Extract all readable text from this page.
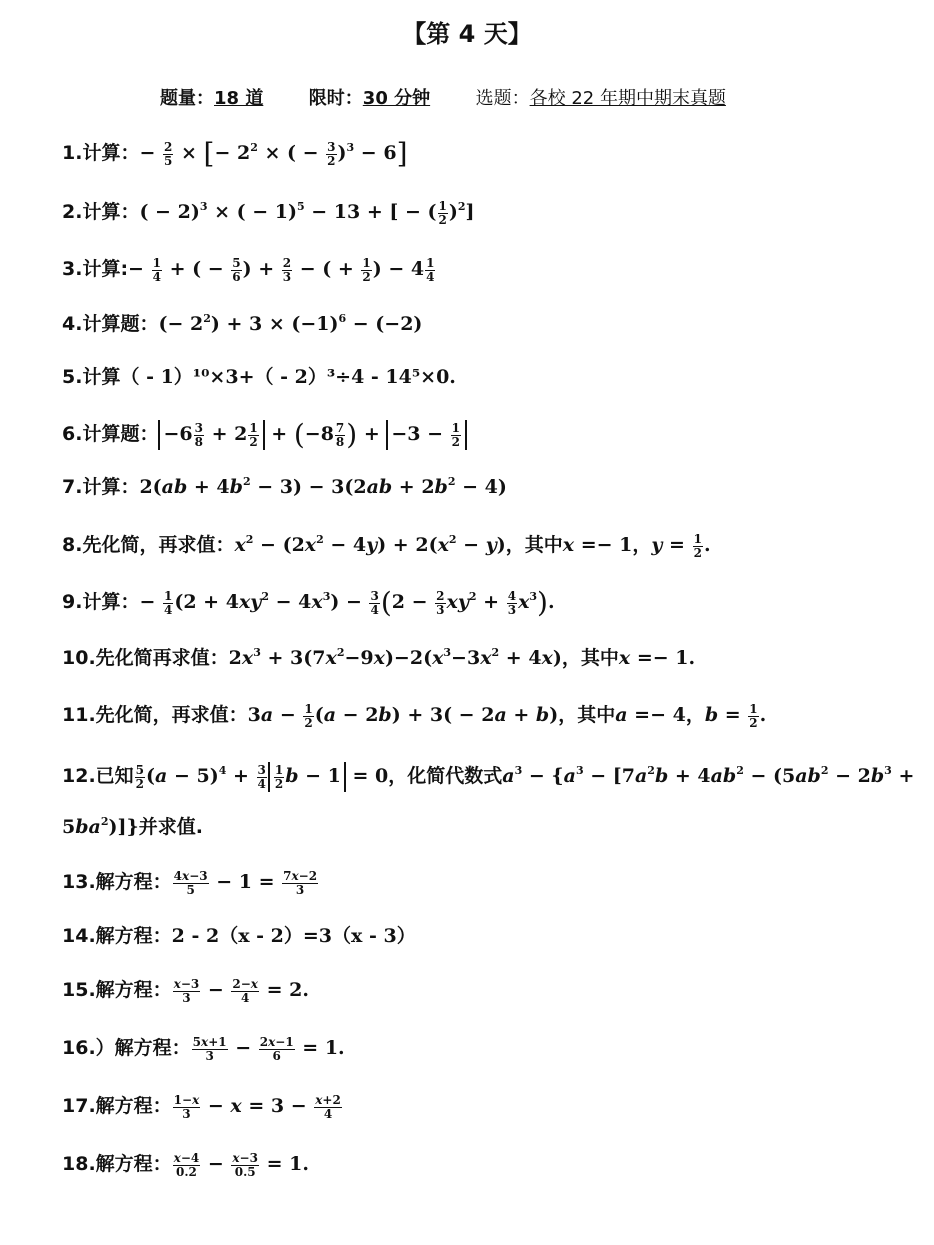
【第 4 天】
题量：18 道	限时：30 分钟	选题：各校 22 年期中期末真题
1.计算：− $\frac{2}{5}$ × [− $2^2$ × ( − $\frac{3}{2} )^3 - 6$]
2.计算：( − 2)$^3$ × ( − 1)$^5$ − 13 + [ − ( $\frac{1}{2} )^2$]
3.计算:− $\frac{1}{4}$ + ( − $\frac{5}{6}$ ) + $\frac{2}{3}$ − ( + $\frac{1}{2}$ ) − $4 \frac{1}{4}$
4.计算题：(− $2^2) + 3 \times (-1)^6 - (-2)$
5.计算（ - 1）¹⁰×3+（ - 2）³÷4 - 14⁵×0.
6.计算题： $-6 \frac{3}{8} + 2 \frac{1}{2} + (-8 \frac{7}{8}$ ) + $-3 - \frac{1}{2}$
7.计算：$2(ab + 4b^2 - 3) - 3(2ab + 2b^2 - 4)$
8.先化简，再求值：$x^2 - (2x^2 - 4y) + 2(x^2 - y)$，其中x =− 1，$y = \frac{1}{2}$ .
9.计算：− $\frac{1}{4} (2 + 4xy^2 - 4x^3) - \frac{3}{4} (2 - \frac{2}{3} xy^2 + \frac{4}{3} x^3)$.
10.先化简再求值：$2x^3 + 3(7x^2-9x)-2(x^3-3x^2 + 4x)$，其中x =− 1.
11.先化简，再求值：$3a - \frac{1}{2} (a - 2b) + 3( - 2a + b)$，其中a =− 4，$b = \frac{1}{2}$ .
12.已知 $\frac{5}{2} (a - 5)^4 + \frac{3}{4} \frac{1}{2}$ b − 1 = 0，化简代数式$a^3 - \{a^3 - [7a^2b + 4ab^2 - (5ab^2 - 2b^3$ +
$5ba^2$)]}并求值.
13.解方程： $\frac{4x-3}{5} - 1 = \frac{7x-2}{3}$
14.解方程：2 - 2（x - 2）=3（x - 3）
15.解方程： $\frac{x-3}{3} - \frac{2-x}{4} = 2$.
16.）解方程： $\frac{5x+1}{3} - \frac{2x-1}{6} = 1$.
17.解方程： $\frac{1-x}{3} - x = 3 - \frac{x+2}{4}$
18.解方程： $\frac{x-4}{0.2} - \frac{x-3}{0.5} = 1$.
